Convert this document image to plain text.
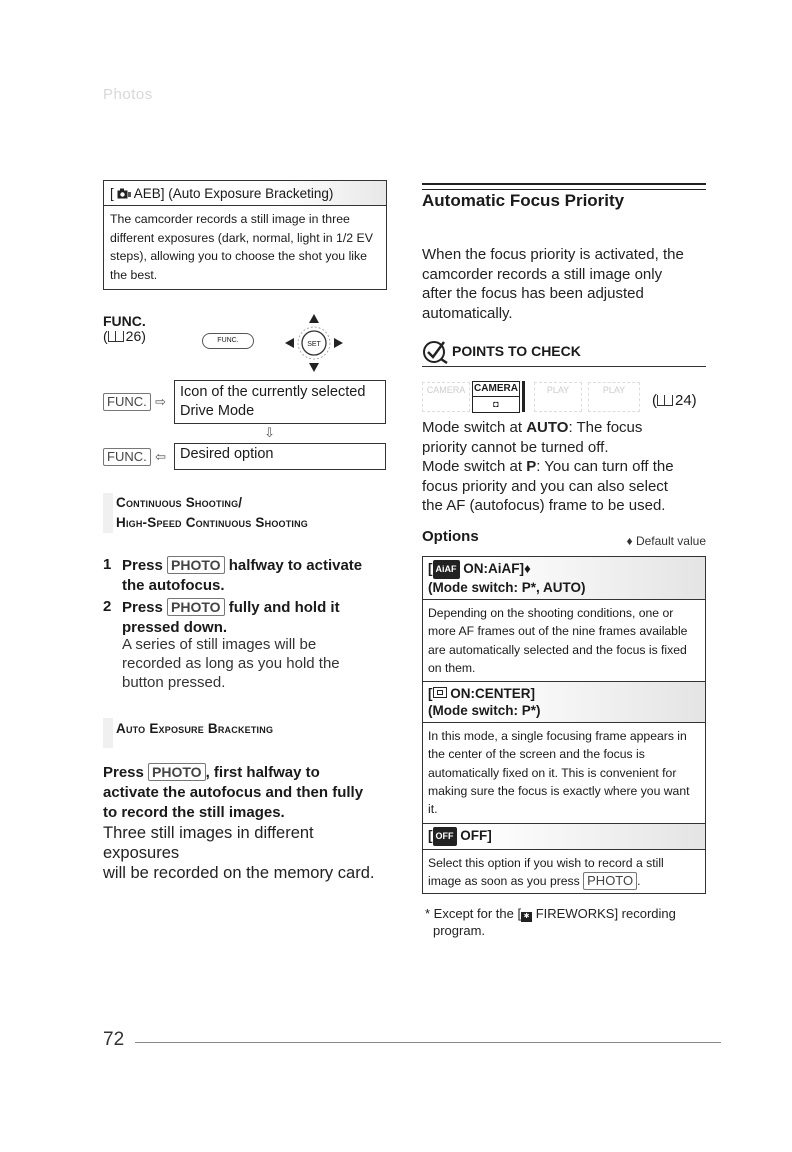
Photos
[ AEB] (Auto Exposure Bracketing)
The camcorder records a still image in three different exposures (dark, normal, light in 1/2 EV steps), allowing you to choose the shot you like the best.
FUNC.
( 26)	FUNC.
SET
FUNC. ⇨
Icon of the currently selected
Drive Mode
⇩
FUNC. ⇦ Desired option
Continuous Shooting/
High-Speed Continuous Shooting
1 Press PHOTO halfway to activate
the autofocus.
2 Press PHOTO fully and hold it
pressed down.
A series of still images will be
recorded as long as you hold the
button pressed.
Auto Exposure Bracketing
Press PHOTO , first halfway to
activate the autofocus and then fully
to record the still images.
Three still images in different exposures
will be recorded on the memory card.
Automatic Focus Priority
When the focus priority is activated, the
camcorder records a still image only
after the focus has been adjusted
automatically.
POINTS TO CHECK
CAMERA CAMERA
◘
PLAY	PLAY
( 24)
Mode switch at AUTO: The focus
priority cannot be turned off.
Mode switch at P: You can turn off the
focus priority and you can also select
the AF (autofocus) frame to be used.
Options	♦ Default value
[ AiAF ON:AiAF]♦
(Mode switch: P*, AUTO)
Depending on the shooting conditions, one or more AF frames out of the nine frames available are automatically selected and the focus is fixed on them.
[ ON:CENTER]
(Mode switch: P*)
In this mode, a single focusing frame appears in the center of the screen and the focus is automatically fixed on it. This is convenient for making sure the focus is exactly where you want it.
[ OFF OFF]
Select this option if you wish to record a still image as soon as you press PHOTO .
* Except for the [ ✱ FIREWORKS] recording
program.
72
